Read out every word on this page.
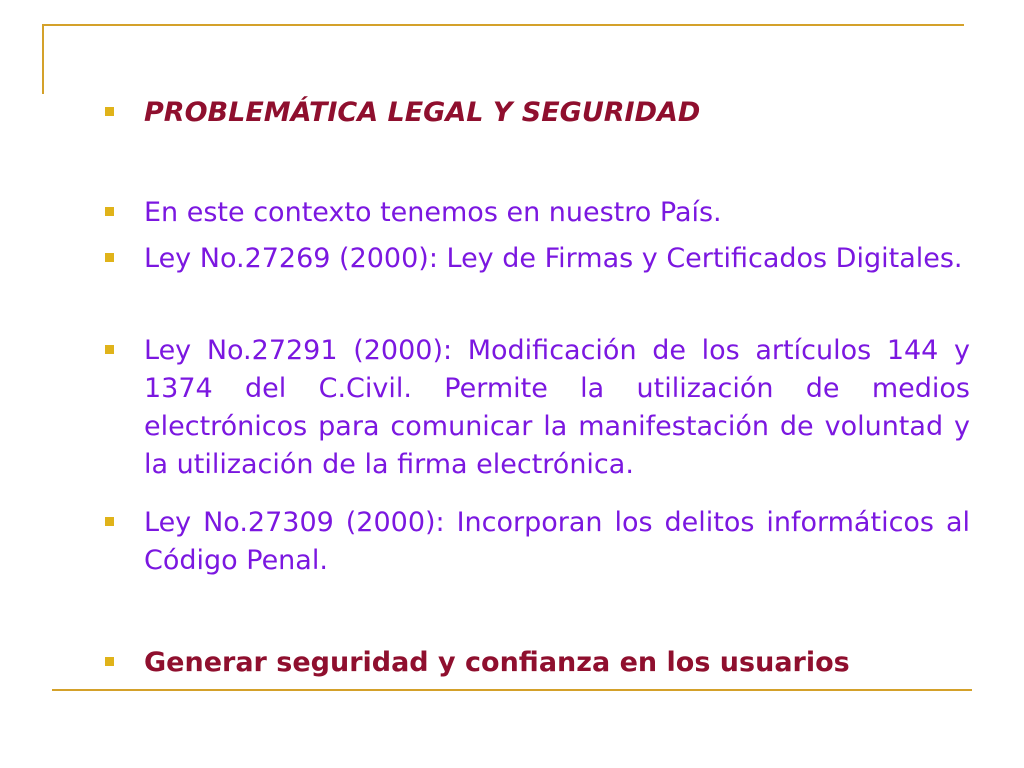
PROBLEMÁTICA LEGAL Y SEGURIDAD
En este contexto tenemos en nuestro País.
Ley No.27269 (2000): Ley de Firmas y Certificados Digitales.
Ley No.27291 (2000): Modificación de los artículos 144 y 1374 del C.Civil. Permite la utilización de medios electrónicos para comunicar la manifestación de voluntad y la utilización de la firma electrónica.
Ley No.27309 (2000): Incorporan los delitos informáticos al Código Penal.
Generar seguridad y confianza en los usuarios
